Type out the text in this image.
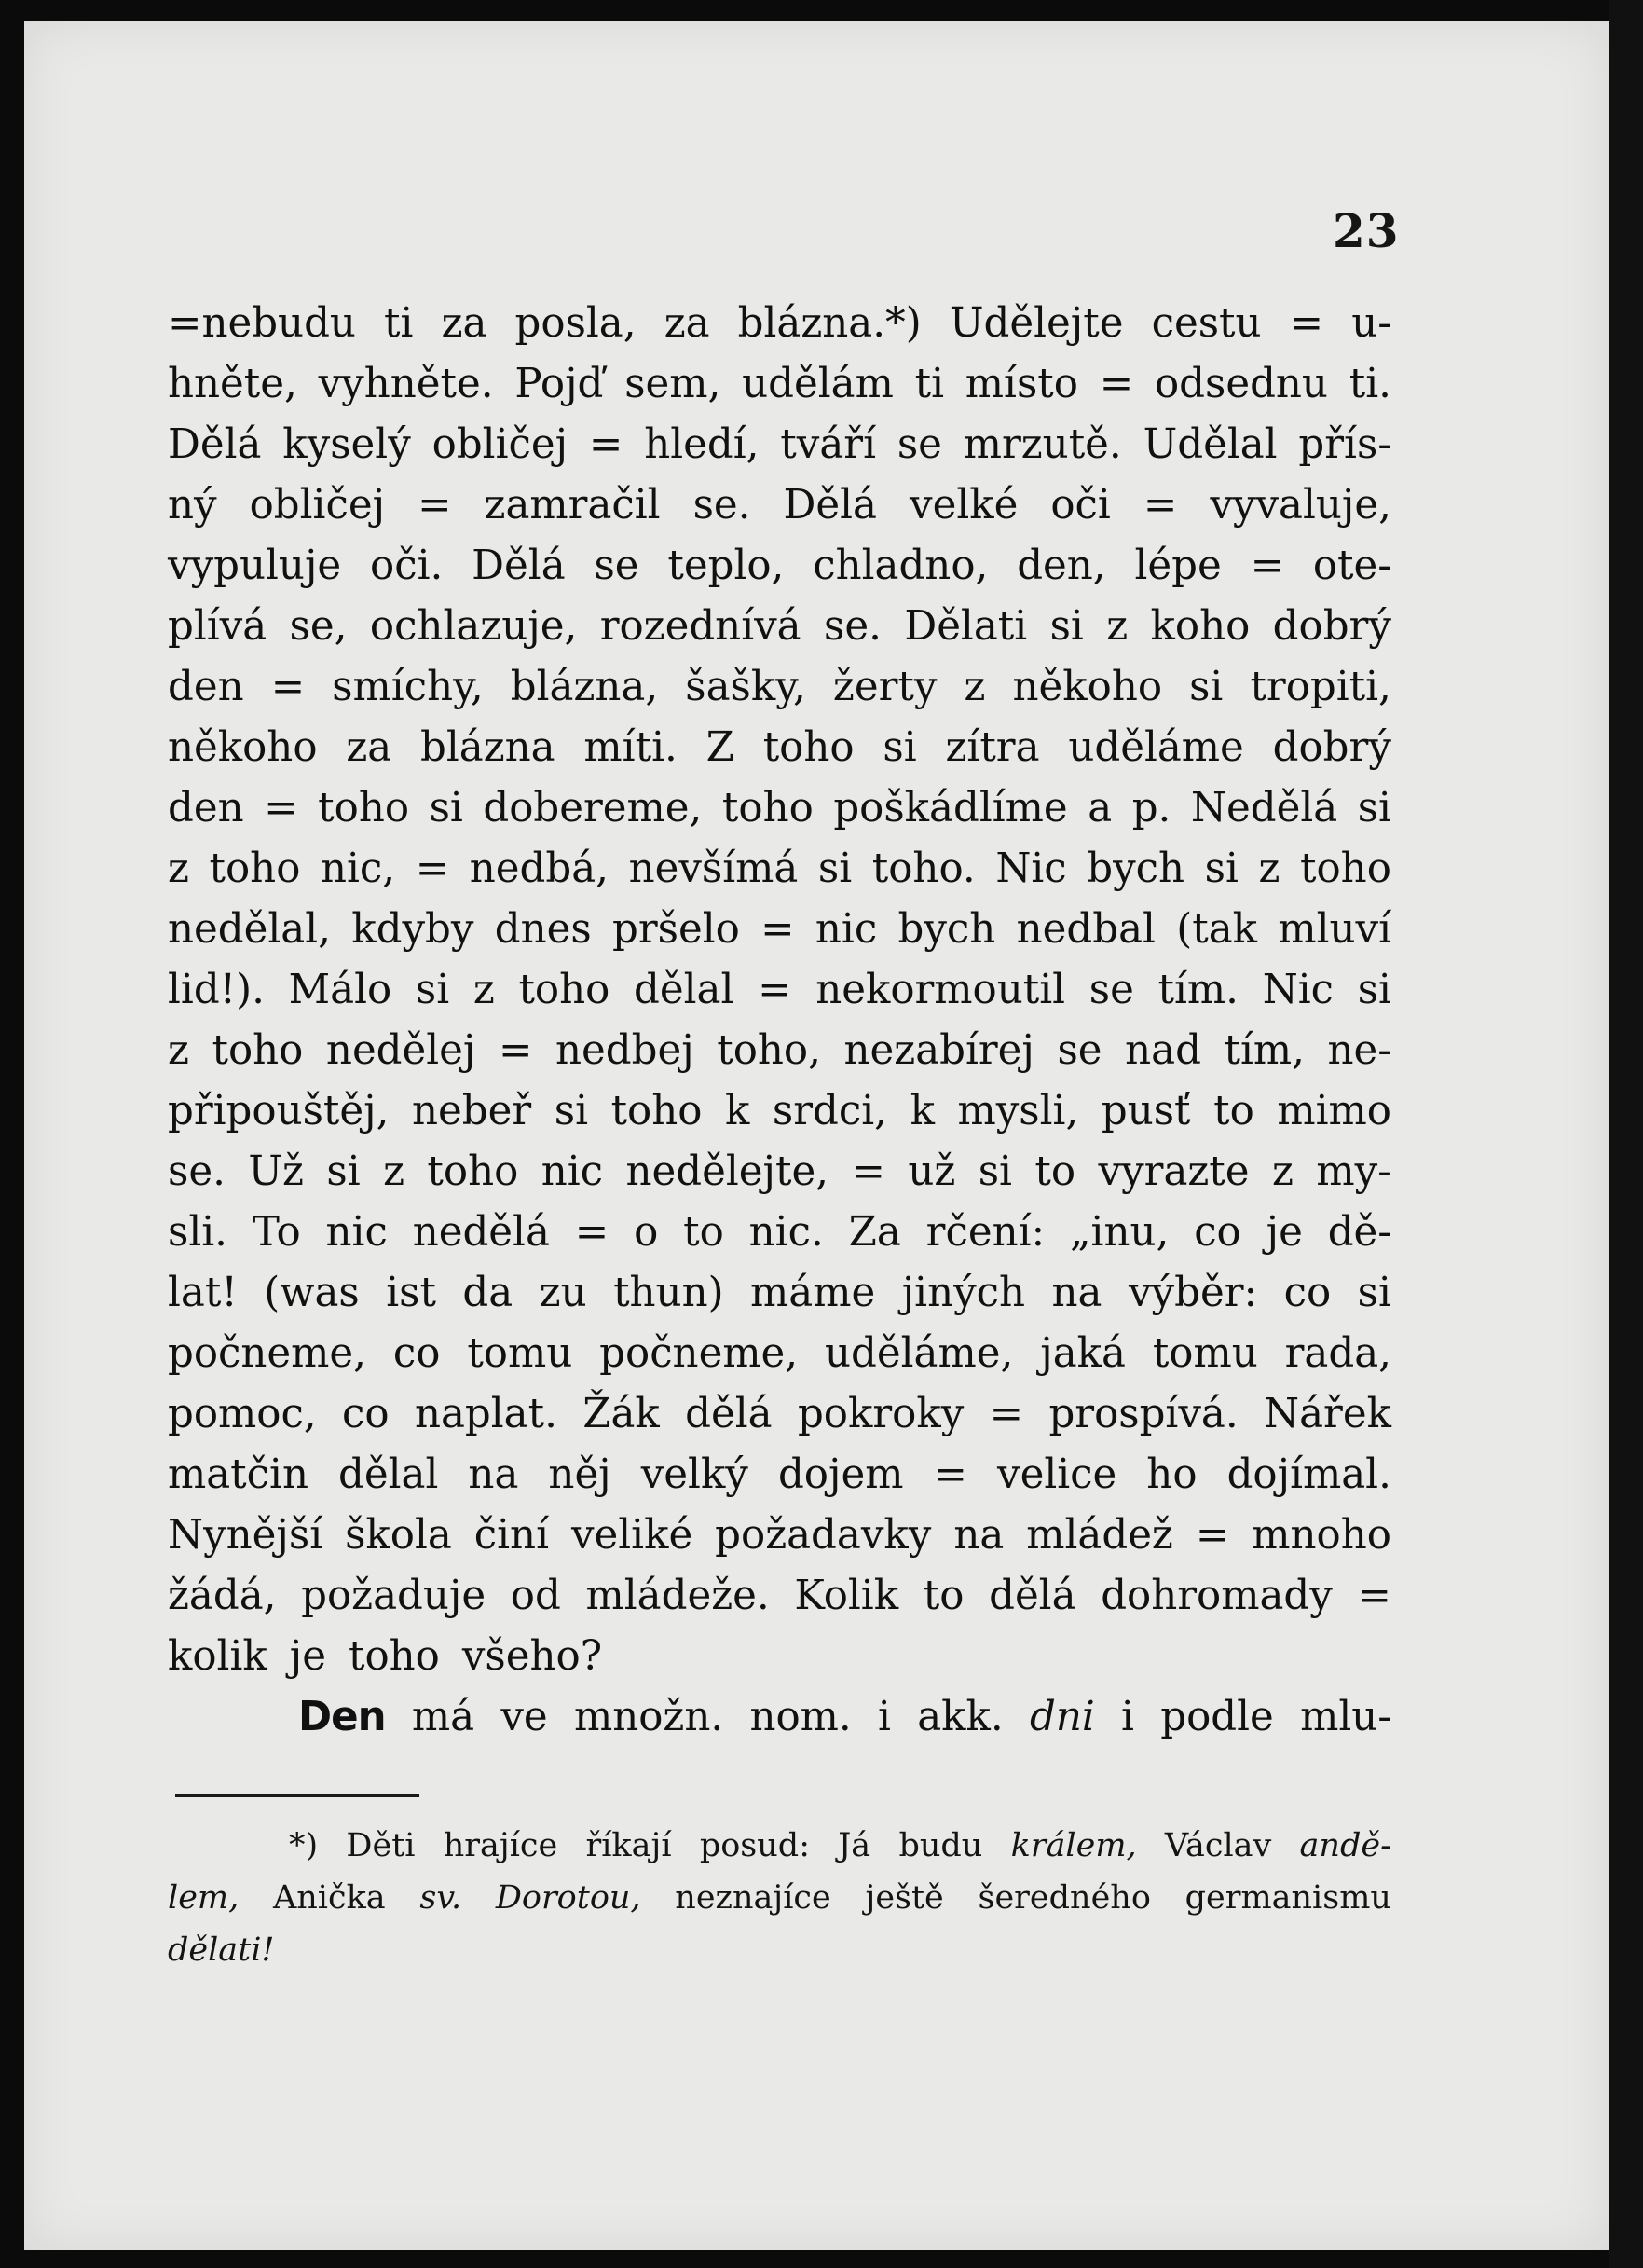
23
=nebudu ti za posla, za blázna.*) Udělejte cestu = u-
hněte, vyhněte. Pojď sem, udělám ti místo = odsednu ti.
Dělá kyselý obličej = hledí, tváří se mrzutě. Udělal přís-
ný obličej = zamračil se. Dělá velké oči = vyvaluje,
vypuluje oči. Dělá se teplo, chladno, den, lépe = ote-
plívá se, ochlazuje, rozednívá se. Dělati si z koho dobrý
den = smíchy, blázna, šašky, žerty z někoho si tropiti,
někoho za blázna míti. Z toho si zítra uděláme dobrý
den = toho si dobereme, toho poškádlíme a p. Nedělá si
z toho nic, = nedbá, nevšímá si toho. Nic bych si z toho
nedělal, kdyby dnes pršelo = nic bych nedbal (tak mluví
lid!). Málo si z toho dělal = nekormoutil se tím. Nic si
z toho nedělej = nedbej toho, nezabírej se nad tím, ne-
připouštěj, nebeř si toho k srdci, k mysli, pusť to mimo
se. Už si z toho nic nedělejte, = už si to vyrazte z my-
sli. To nic nedělá = o to nic. Za rčení: „inu, co je dě-
lat! (was ist da zu thun) máme jiných na výběr: co si
počneme, co tomu počneme, uděláme, jaká tomu rada,
pomoc, co naplat. Žák dělá pokroky = prospívá. Nářek
matčin dělal na něj velký dojem = velice ho dojímal.
Nynější škola činí veliké požadavky na mládež = mnoho
žádá, požaduje od mládeže. Kolik to dělá dohromady =
kolik je toho všeho?
Den má ve množn. nom. i akk. dni i podle mlu-
*) Děti hrajíce říkají posud: Já budu králem, Václav andě-
lem, Anička sv. Dorotou, neznajíce ještě šeredného germanismu
dělati!
